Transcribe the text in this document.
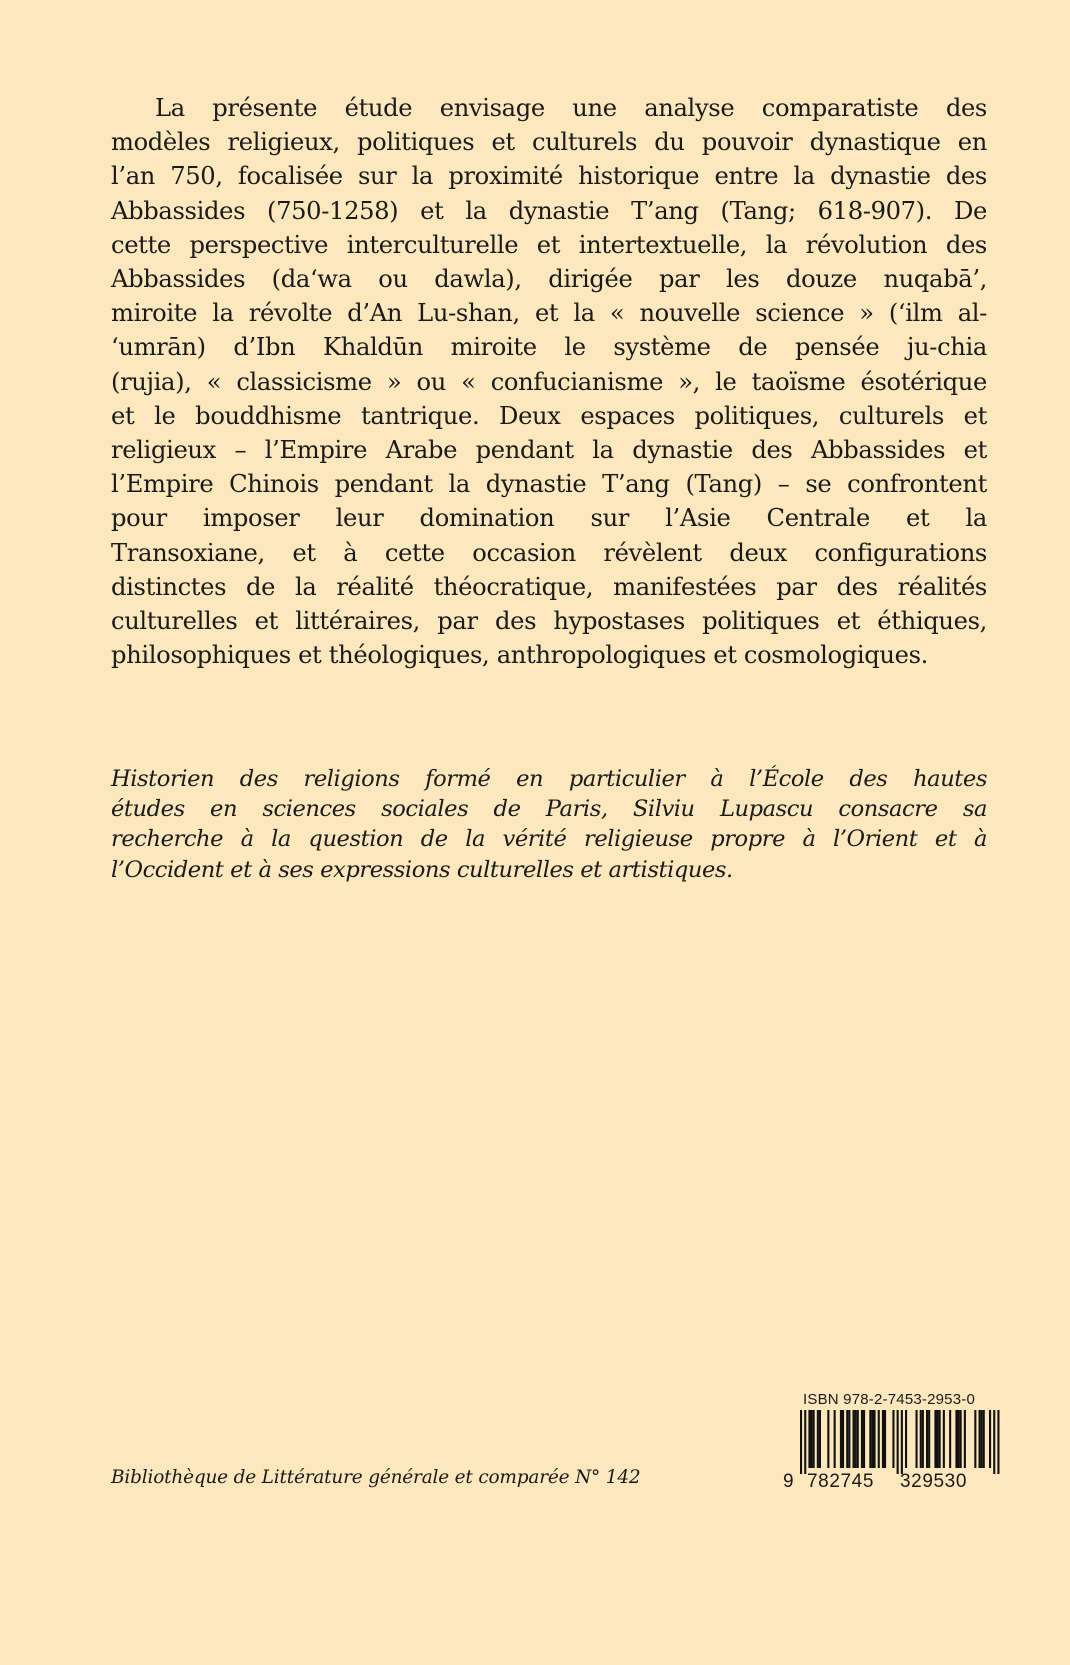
La présente étude envisage une analyse comparatiste des
modèles religieux, politiques et culturels du pouvoir dynastique en
l’an 750, focalisée sur la proximité historique entre la dynastie des
Abbassides (750-1258) et la dynastie T’ang (Tang; 618-907). De
cette perspective interculturelle et intertextuelle, la révolution des
Abbassides (da‘wa ou dawla), dirigée par les douze nuqabā’,
miroite la révolte d’An Lu-shan, et la « nouvelle science » (‘ilm al-
‘umrān) d’Ibn Khaldūn miroite le système de pensée ju-chia
(rujia), « classicisme » ou « confucianisme », le taoïsme ésotérique
et le bouddhisme tantrique. Deux espaces politiques, culturels et
religieux – l’Empire Arabe pendant la dynastie des Abbassides et
l’Empire Chinois pendant la dynastie T’ang (Tang) – se confrontent
pour imposer leur domination sur l’Asie Centrale et la
Transoxiane, et à cette occasion révèlent deux configurations
distinctes de la réalité théocratique, manifestées par des réalités
culturelles et littéraires, par des hypostases politiques et éthiques,
philosophiques et théologiques, anthropologiques et cosmologiques.
Historien des religions formé en particulier à l’École des hautes
études en sciences sociales de Paris, Silviu Lupascu consacre sa
recherche à la question de la vérité religieuse propre à l’Orient et à
l’Occident et à ses expressions culturelles et artistiques.
Bibliothèque de Littérature générale et comparée N° 142
ISBN 978-2-7453-2953-0
9 782745 329530
